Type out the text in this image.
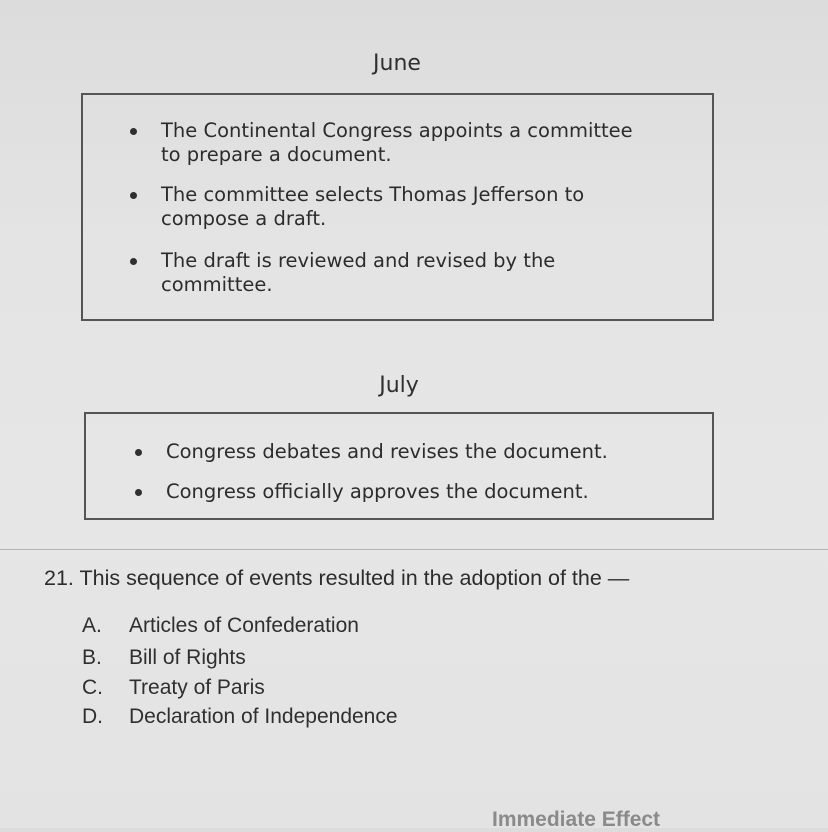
June
The Continental Congress appoints a committee
to prepare a document.
The committee selects Thomas Jefferson to
compose a draft.
The draft is reviewed and revised by the
committee.
July
Congress debates and revises the document.
Congress officially approves the document.
21. This sequence of events resulted in the adoption of the —
A. Articles of Confederation
B. Bill of Rights
C. Treaty of Paris
D. Declaration of Independence
Immediate Effect
